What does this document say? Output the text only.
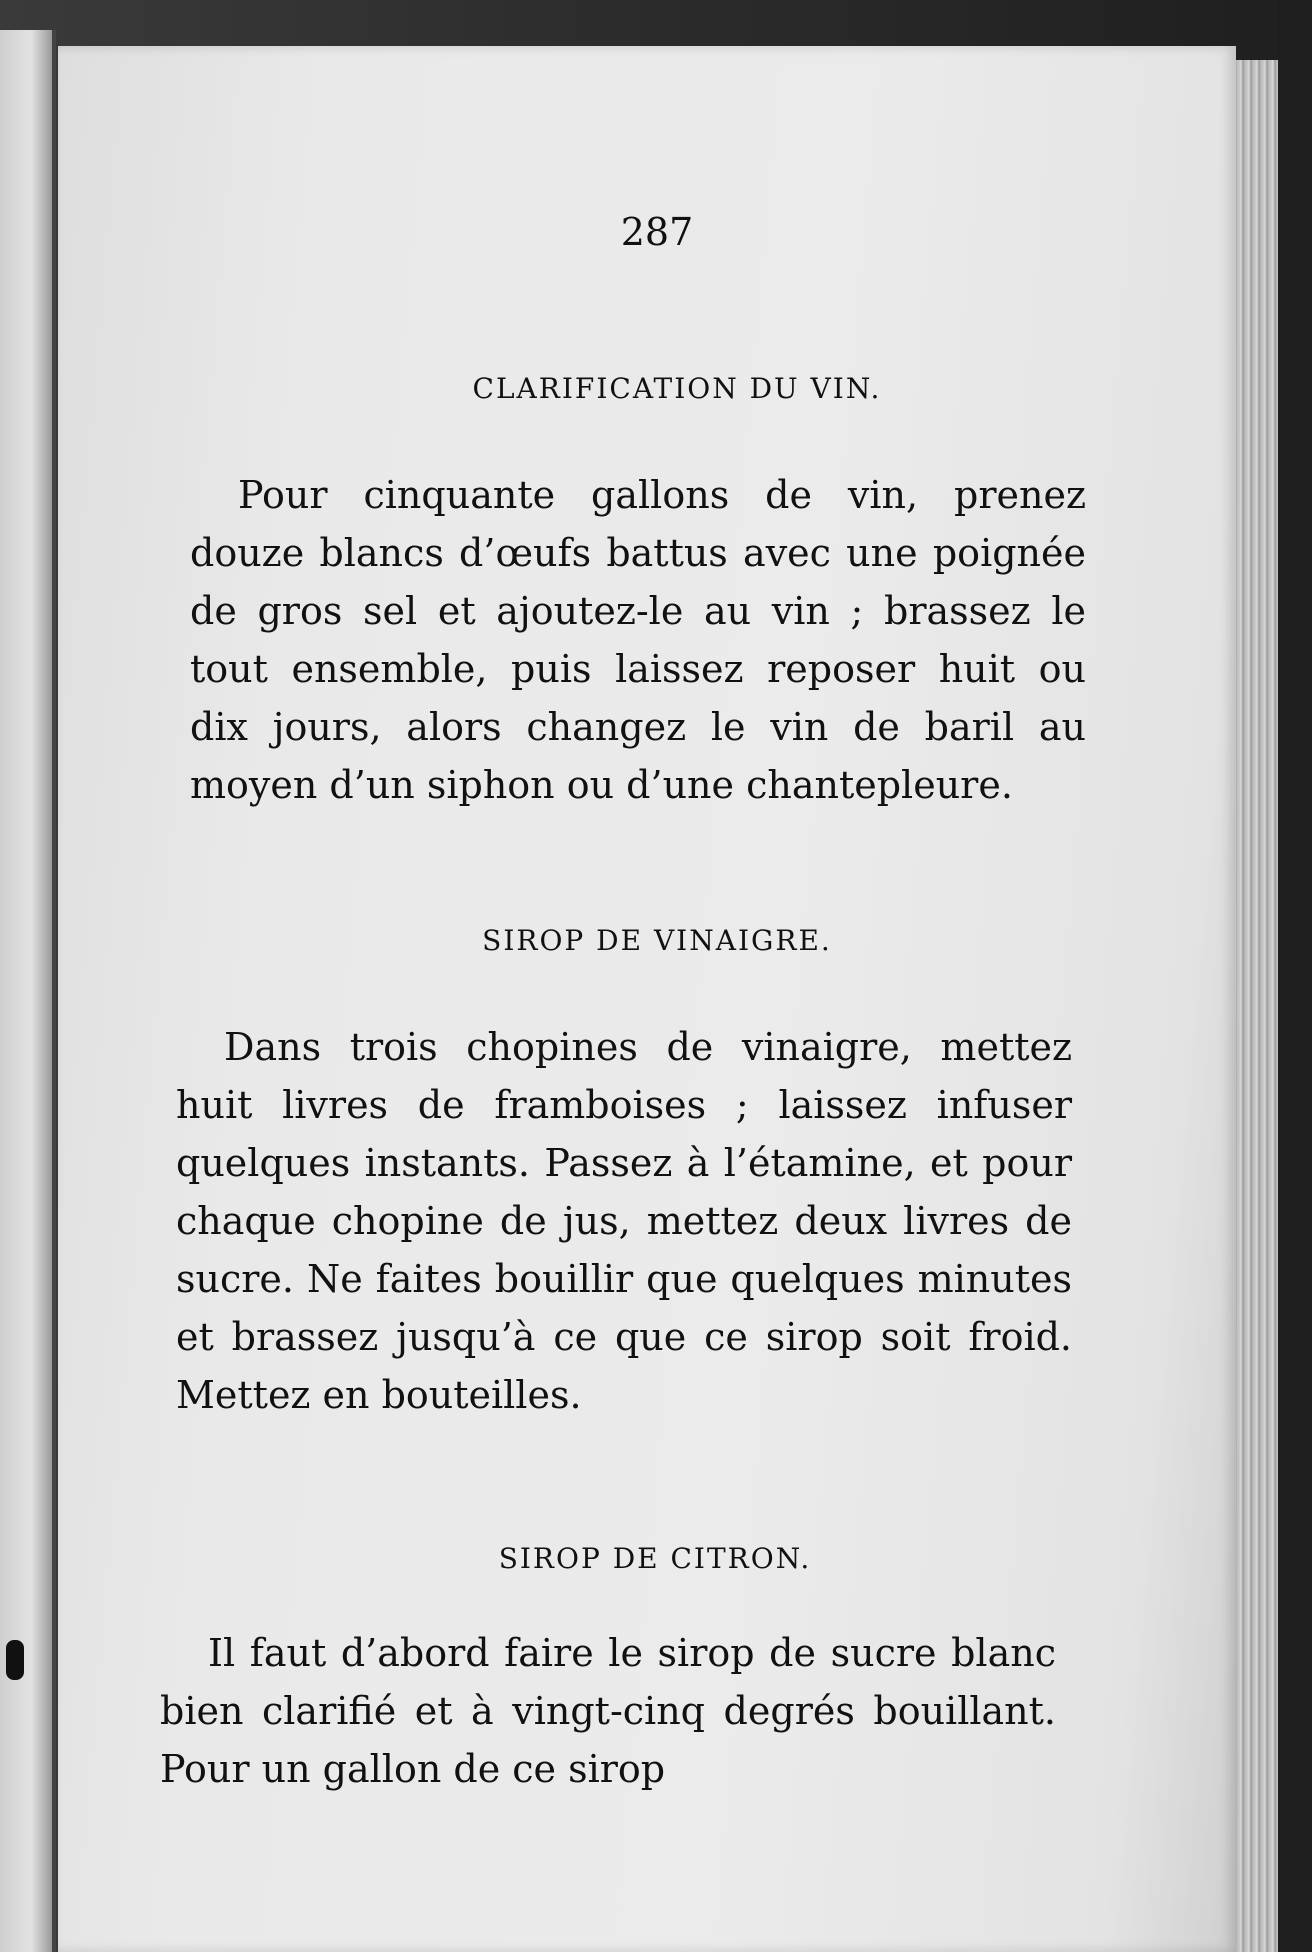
287
CLARIFICATION DU VIN.

Pour cinquante gallons de vin, prenez douze blancs d’œufs battus avec une poignée de gros sel et ajoutez-le au vin ; brassez le tout ensemble, puis laissez reposer huit ou dix jours, alors changez le vin de baril au moyen d’un siphon ou d’une chantepleure.

SIROP DE VINAIGRE.

Dans trois chopines de vinaigre, mettez huit livres de framboises ; laissez infuser quelques instants. Passez à l’étamine, et pour chaque chopine de jus, mettez deux livres de sucre. Ne faites bouillir que quelques minutes et brassez jusqu’à ce que ce sirop soit froid. Mettez en bouteilles.

SIROP DE CITRON.

Il faut d’abord faire le sirop de sucre blanc bien clarifié et à vingt-cinq degrés bouillant. Pour un gallon de ce sirop
